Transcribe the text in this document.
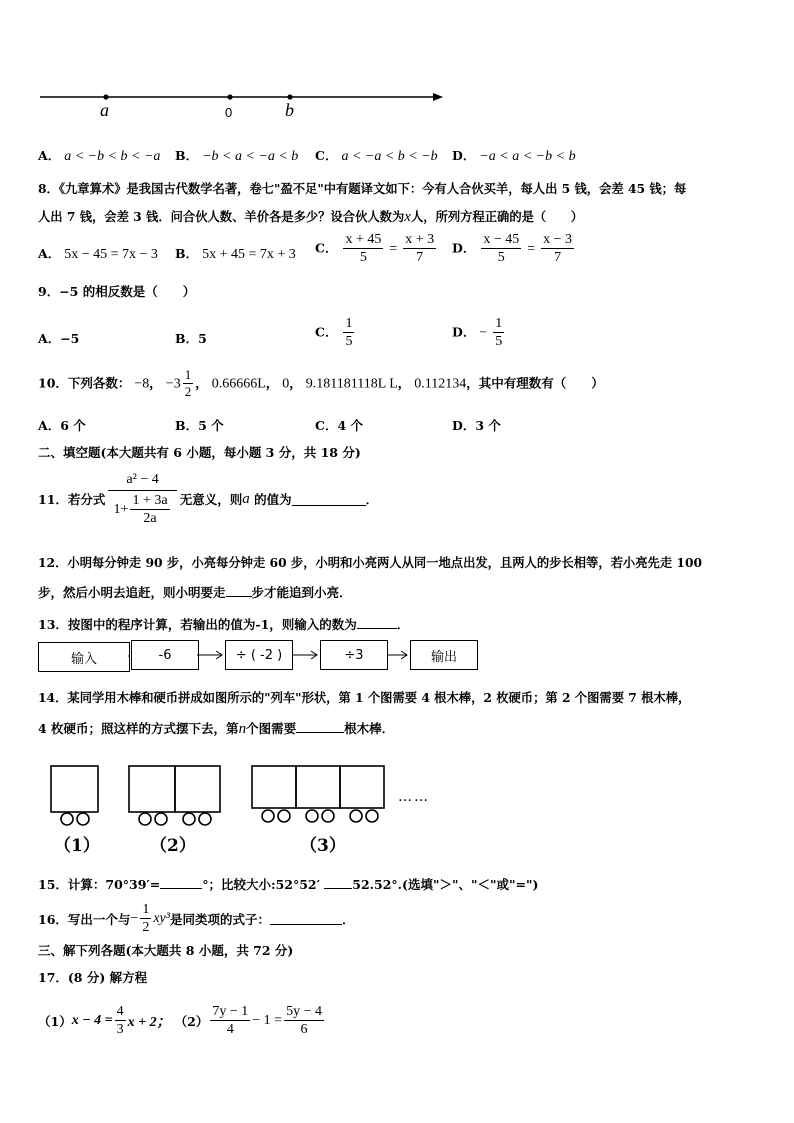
a	0	b
A． a < −b < b < −a B． −b < a < −a < b C． a < −a < b < −b D． −a < a < −b < b
8．《九章算术》是我国古代数学名著，卷七"盈不足"中有题译文如下：今有人合伙买羊，每人出 5 钱，会差 45 钱；每
人出 7 钱，会差 3 钱．问合伙人数、羊价各是多少？设合伙人数为x人，所列方程正确的是（　　）
A． 5x − 45 = 7x − 3 B． 5x + 45 = 7x + 3 C． $\frac{x + 45}{5} = \frac{x + 3}{7}$ D． $\frac{x - 45}{5} = \frac{x - 3}{7}$
9．−5 的相反数是（　　）
A．−5	B．5	C． $\frac{1}{5}$	D． − $\frac{1}{5}$
10．下列各数： −8， $-3 \frac{1}{2}$ ， 0.66666L， 0， 9.181181118L L， 0.112134，其中有理数有（　　）
A．6 个	B．5 个	C．4 个	D．3 个
二、填空题(本大题共有 6 小题，每小题 3 分，共 18 分)
11．若分式
a² − 4
$1+ \frac{1 + 3a}{2a}$ 无意义，则 a
的值为	．
12．小明每分钟走 90 步，小亮每分钟走 60 步，小明和小亮两人从同一地点出发，且两人的步长相等，若小亮先走 100
步，然后小明去追赶，则小明要走 步才能追到小亮．
13．按图中的程序计算，若输出的值为-1，则输入的数为	．
输入	-6	÷ ( -2 )	÷3	输出
14．某同学用木棒和硬币拼成如图所示的"列车"形状，第 1 个图需要 4 根木棒，2 枚硬币；第 2 个图需要 7 根木棒，
4 枚硬币；照这样的方式摆下去，第n个图需要	根木棒．
……
（1）	（2）	（3）
15．计算：70°39′=	°；比较大小:52°52′	52.52°.(选填"＞"、"＜"或"=")
16．写出一个与 − $\frac{1}{2} xy^3$ 是同类项的式子：	．
三、解下列各题(本大题共 8 小题，共 72 分)
17．(8 分) 解方程
（1） $x - 4 = \frac{4}{3}$ x + 2； $(2) \frac{7y - 1}{4} - 1 = \frac{5y - 4}{6}$
